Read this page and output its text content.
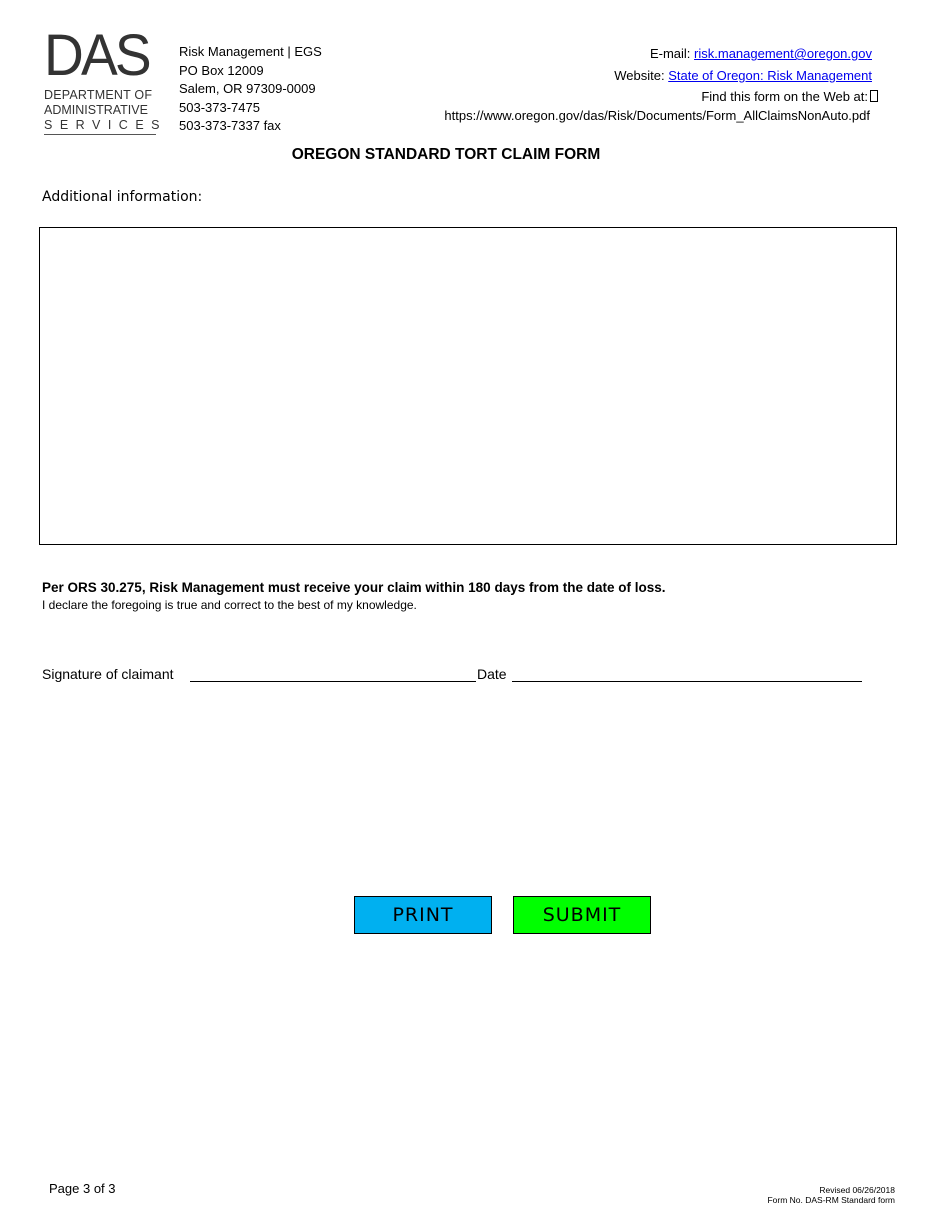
DAS
DEPARTMENT OF
ADMINISTRATIVE
SERVICES
Risk Management | EGS
PO Box 12009
Salem, OR 97309-0009
503-373-7475
503-373-7337 fax
E-mail: risk.management@oregon.gov
Website: State of Oregon: Risk Management
Find this form on the Web at:
https://www.oregon.gov/das/Risk/Documents/Form_AllClaimsNonAuto.pdf
OREGON STANDARD TORT CLAIM FORM
Additional information:
Per ORS 30.275, Risk Management must receive your claim within 180 days from the date of loss.
I declare the foregoing is true and correct to the best of my knowledge.
Signature of claimant	Date
PRINT	SUBMIT
Page 3 of 3	Revised 06/26/2018
Form No. DAS-RM Standard form
